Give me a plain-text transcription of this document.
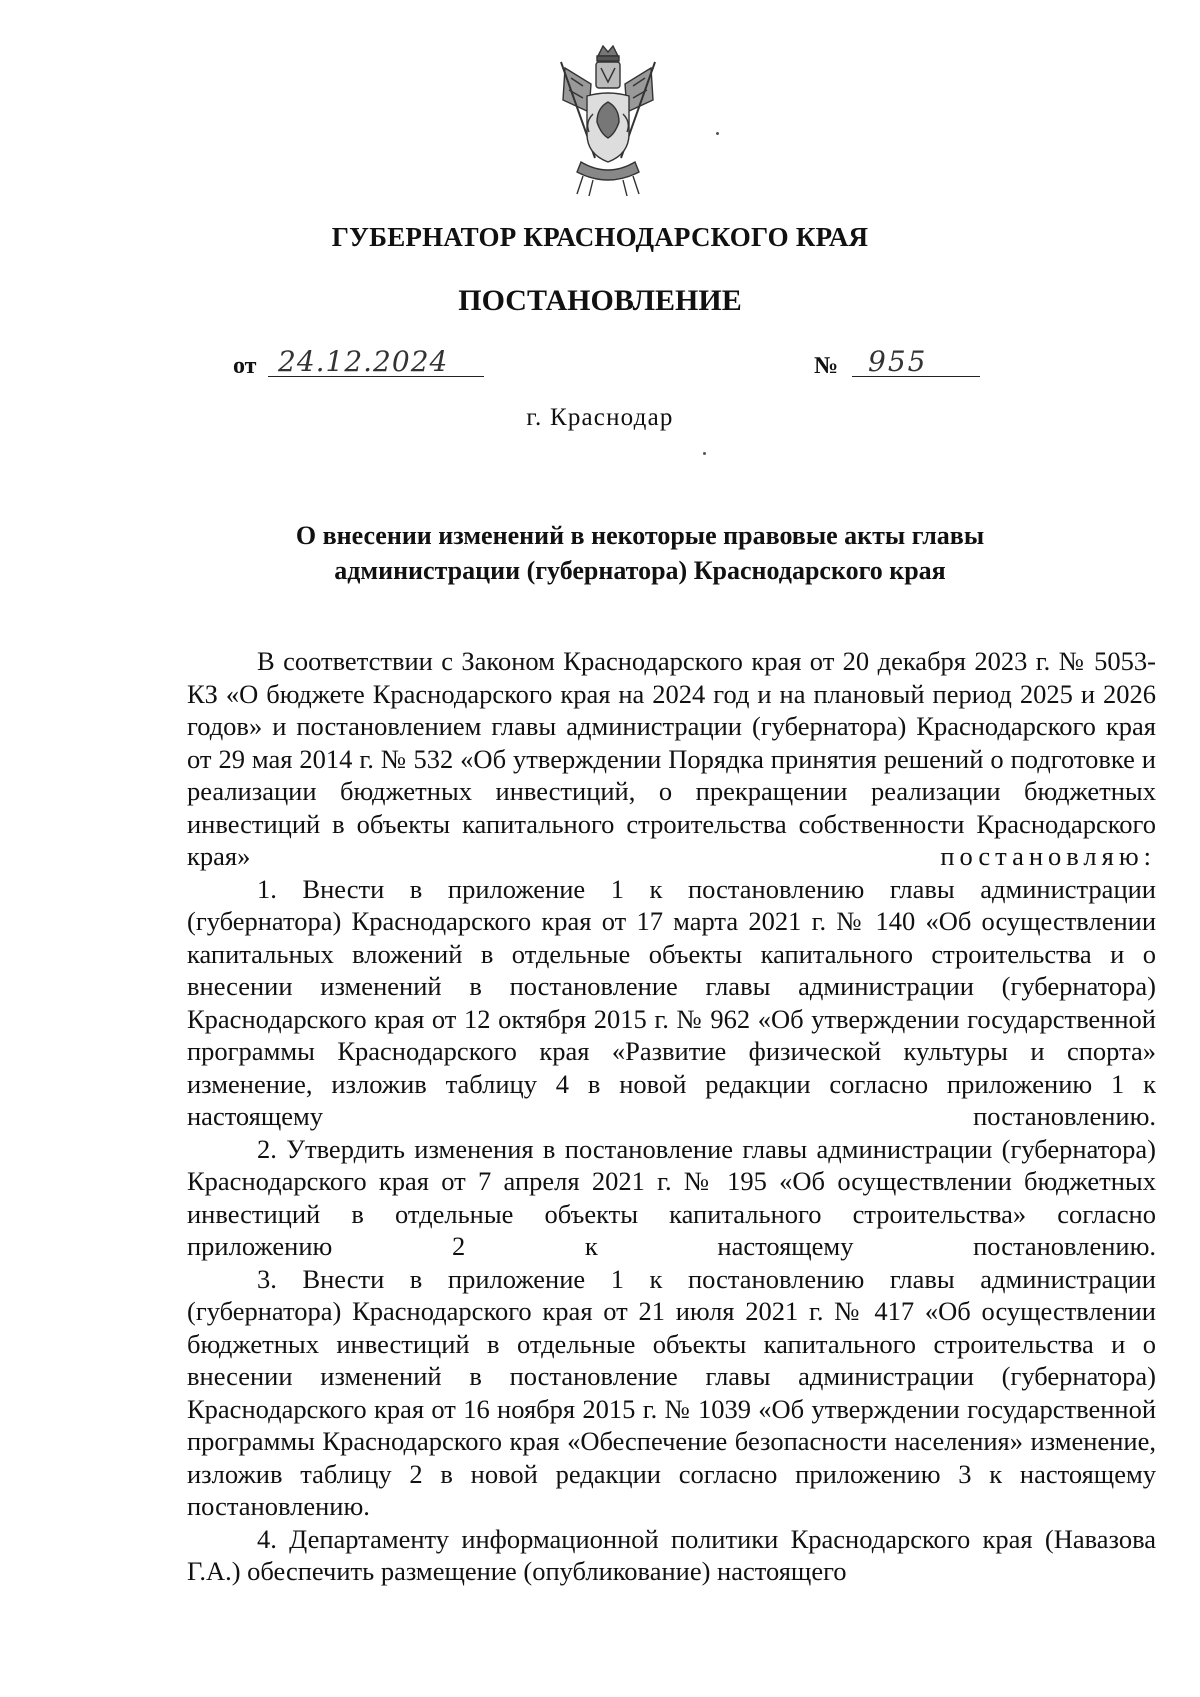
ГУБЕРНАТОР КРАСНОДАРСКОГО КРАЯ
ПОСТАНОВЛЕНИЕ
от 24.12.2024	№	955
г. Краснодар
О внесении изменений в некоторые правовые акты главы
администрации (губернатора) Краснодарского края

В соответствии с Законом Краснодарского края от 20 декабря 2023 г. № 5053-КЗ «О бюджете Краснодарского края на 2024 год и на плановый период 2025 и 2026 годов» и постановлением главы администрации (губернатора) Краснодарского края от 29 мая 2014 г. № 532 «Об утверждении Порядка принятия решений о подготовке и реализации бюджетных инвестиций, о прекращении реализации бюджетных инвестиций в объекты капитального строительства собственности Краснодарского края»	постановляю:

1. Внести в приложение 1 к постановлению главы администрации (губернатора) Краснодарского края от 17 марта 2021 г. № 140 «Об осуществлении капитальных вложений в отдельные объекты капитального строительства и о внесении изменений в постановление главы администрации (губернатора) Краснодарского края от 12 октября 2015 г. № 962 «Об утверждении государственной программы Краснодарского края «Развитие физической культуры и спорта» изменение, изложив таблицу 4 в новой редакции согласно приложению 1 к настоящему постановлению.

2. Утвердить изменения в постановление главы администрации (губернатора) Краснодарского края от 7 апреля 2021 г. № 195 «Об осуществлении бюджетных инвестиций в отдельные объекты капитального строительства» согласно приложению 2 к настоящему постановлению.

3. Внести в приложение 1 к постановлению главы администрации (губернатора) Краснодарского края от 21 июля 2021 г. № 417 «Об осуществлении бюджетных инвестиций в отдельные объекты капитального строительства и о внесении изменений в постановление главы администрации (губернатора) Краснодарского края от 16 ноября 2015 г. № 1039 «Об утверждении государственной программы Краснодарского края «Обеспечение безопасности населения» изменение, изложив таблицу 2 в новой редакции согласно приложению 3 к настоящему постановлению.

4. Департаменту информационной политики Краснодарского края (Навазова Г.А.) обеспечить размещение (опубликование) настоящего
